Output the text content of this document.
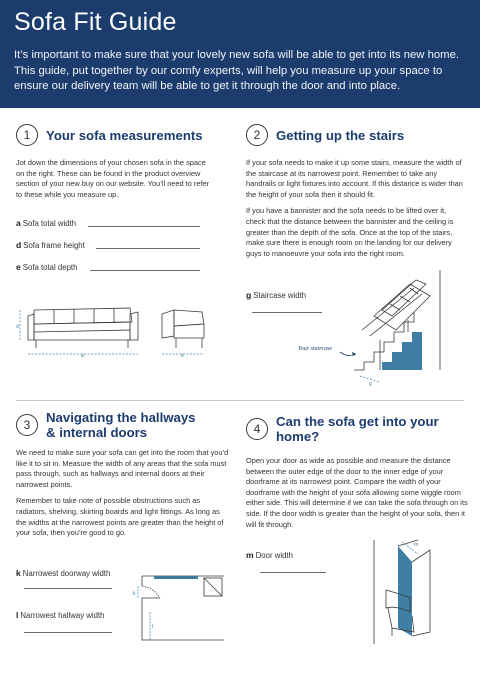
Sofa Fit Guide

It’s important to make sure that your lovely new sofa will be able to get into its new home. This guide, put together by our comfy experts, will help you measure up your space to ensure our delivery team will be able to get it through the door and into place.

1	Your sofa measurements

Jot down the dimensions of your chosen sofa in the space on the right. These can be found in the product overview section of your new buy on our website. You’ll need to refer to these while you measure up.

a Sofa total width
d Sofa frame height
e Sofa total depth
d
a	e
2	Getting up the stairs

If your sofa needs to make it up some stairs, measure the width of the staircase at its narrowest point. Remember to take any handrails or light fixtures into account. If this distance is wider than the height of your sofa then it should fit.

If you have a bannister and the sofa needs to be lifted over it, check that the distance between the bannister and the ceiling is greater than the depth of the sofa. Once at the top of the stairs, make sure there is enough room on the landing for our delivery guys to manoeuvre your sofa into the right room.

g Staircase width
Your staircase
g
3	Navigating the hallways
& internal doors

We need to make sure your sofa can get into the room that you’d like it to sit in. Measure the width of any areas that the sofa must pass through, such as hallways and internal doors at their narrowest points.

Remember to take note of possible obstructions such as radiators, shelving, skirting boards and light fittings. As long as the widths at the narrowest points are greater than the height of your sofa, then you’re good to go.

k Narrowest doorway width
l Narrowest hallway width
k
l
4	Can the sofa get into your home?

Open your door as wide as possible and measure the distance between the outer edge of the door to the inner edge of your doorframe at its narrowest point. Compare the width of your doorframe with the height of your sofa allowing some wiggle room either side. This will determine if we can take the sofa through on its side. If the door width is greater than the height of your sofa, then it will fit through.

m Door width
m
